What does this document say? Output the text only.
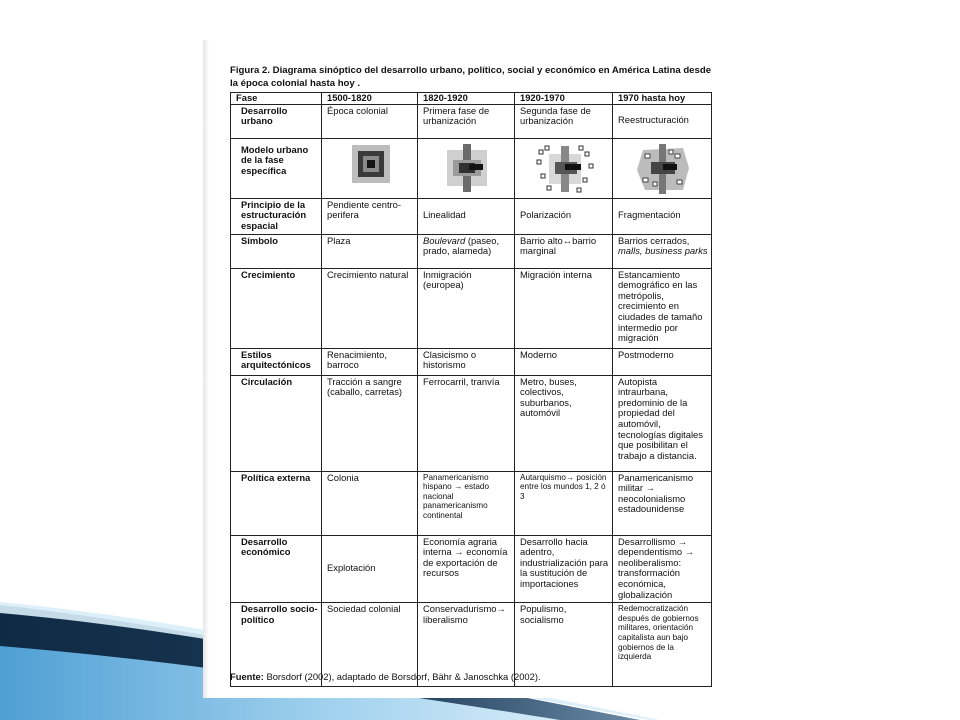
Figura 2. Diagrama sinóptico del desarrollo urbano, político, social y económico en América Latina desde la época colonial hasta hoy .
Fase	1500-1820	1820-1920	1920-1970	1970 hasta hoy
Desarrollo urbano	Época colonial	Primera fase de urbanización	Segunda fase de urbanización	Reestructuración
Modelo urbano de la fase específica	

Principio de la estructuración espacial	Pendiente centro-perifera	Linealidad	Polarización	Fragmentación
Símbolo	Plaza	Boulevard (paseo, prado, alameda)	Barrio alto↔barrio marginal	Barrios cerrados, malls, business parks
Crecimiento	Crecimiento natural	Inmigración (europea)	Migración interna	Estancamiento demográfico en las metrópolis, crecimiento en ciudades de tamaño intermedio por migración
Estilos arquitectónicos	Renacimiento, barroco	Clasicismo o historismo	Moderno	Postmoderno
Circulación	Tracción a sangre (caballo, carretas)	Ferrocarril, tranvía	Metro, buses, colectivos, suburbanos, automóvil	Autopista intraurbana, predominio de la propiedad del automóvil, tecnologías digitales que posibilitan el trabajo a distancia.
Política externa	Colonia	Panamericanismo hispano → estado nacional panamericanismo continental	Autarquismo→ posición entre los mundos 1, 2 ó 3	Panamericanismo militar → neocolonialismo estadounidense
Desarrollo económico	Explotación	Economía agraria interna → economía de exportación de recursos	Desarrollo hacia adentro, industrialización para la sustitución de importaciones	Desarrollismo → dependentismo → neoliberalismo: transformación económica, globalización
Desarrollo socio-político	Sociedad colonial	Conservadurismo→ liberalismo	Populismo, socialismo	Redemocratización después de gobiernos militares, orientación capitalista aun bajo gobiernos de la izquierda
Fuente: Borsdorf (2002), adaptado de Borsdorf, Bähr & Janoschka (2002).
